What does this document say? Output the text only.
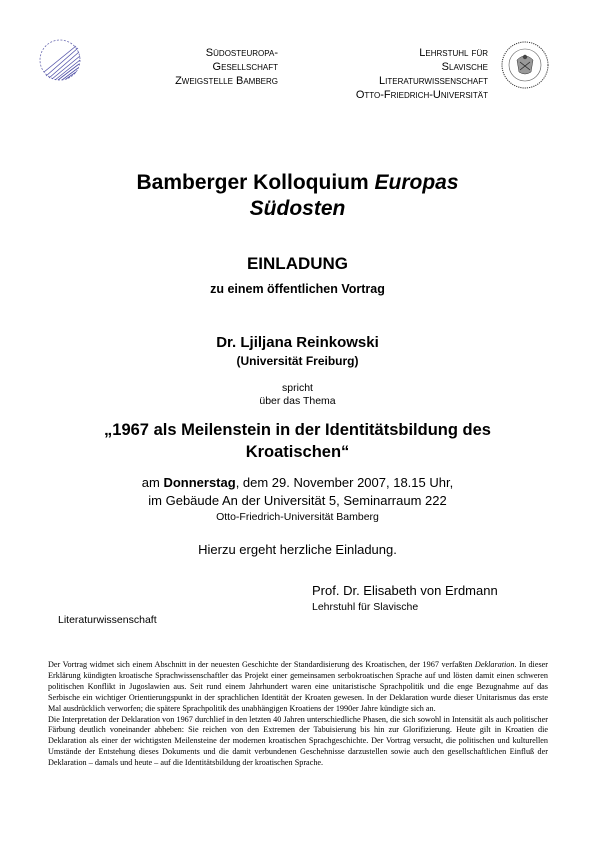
Südosteuropa-
Gesellschaft
Zweigstelle Bamberg
Lehrstuhl für
Slavische
Literaturwissenschaft
Otto-Friedrich-Universität
Bamberger Kolloquium Europas
Südosten
EINLADUNG
zu einem öffentlichen Vortrag
Dr. Ljiljana Reinkowski
(Universität Freiburg)
spricht
über das Thema
„1967 als Meilenstein in der Identitätsbildung des
Kroatischen“
am Donnerstag, dem 29. November 2007, 18.15 Uhr,
im Gebäude An der Universität 5, Seminarraum 222
Otto-Friedrich-Universität Bamberg
Hierzu ergeht herzliche Einladung.
Prof. Dr. Elisabeth von Erdmann
Lehrstuhl für Slavische
Literaturwissenschaft

Der Vortrag widmet sich einem Abschnitt in der neuesten Geschichte der Standardisierung des Kroatischen, der 1967 verfaßten Deklaration. In dieser Erklärung kündigten kroatische Sprachwissenschaftler das Projekt einer gemeinsamen serbokroatischen Sprache auf und lösten damit einen schweren politischen Konflikt in Jugoslawien aus. Seit rund einem Jahrhundert waren eine unitaristische Sprachpolitik und die enge Bezugnahme auf das Serbische ein wichtiger Orientierungspunkt in der sprachlichen Identität der Kroaten gewesen. In der Deklaration wurde dieser Unitarismus das erste Mal ausdrücklich verworfen; die spätere Sprachpolitik des unabhängigen Kroatiens der 1990er Jahre kündigte sich an.

Die Interpretation der Deklaration von 1967 durchlief in den letzten 40 Jahren unterschiedliche Phasen, die sich sowohl in Intensität als auch politischer Färbung deutlich voneinander abheben: Sie reichen von den Extremen der Tabuisierung bis hin zur Glorifizierung. Heute gilt in Kroatien die Deklaration als einer der wichtigsten Meilensteine der modernen kroatischen Sprachgeschichte. Der Vortrag versucht, die politischen und kulturellen Umstände der Entstehung dieses Dokuments und die damit verbundenen Geschehnisse darzustellen sowie auch den gesellschaftlichen Einfluß der Deklaration – damals und heute – auf die Identitätsbildung der kroatischen Sprache.
